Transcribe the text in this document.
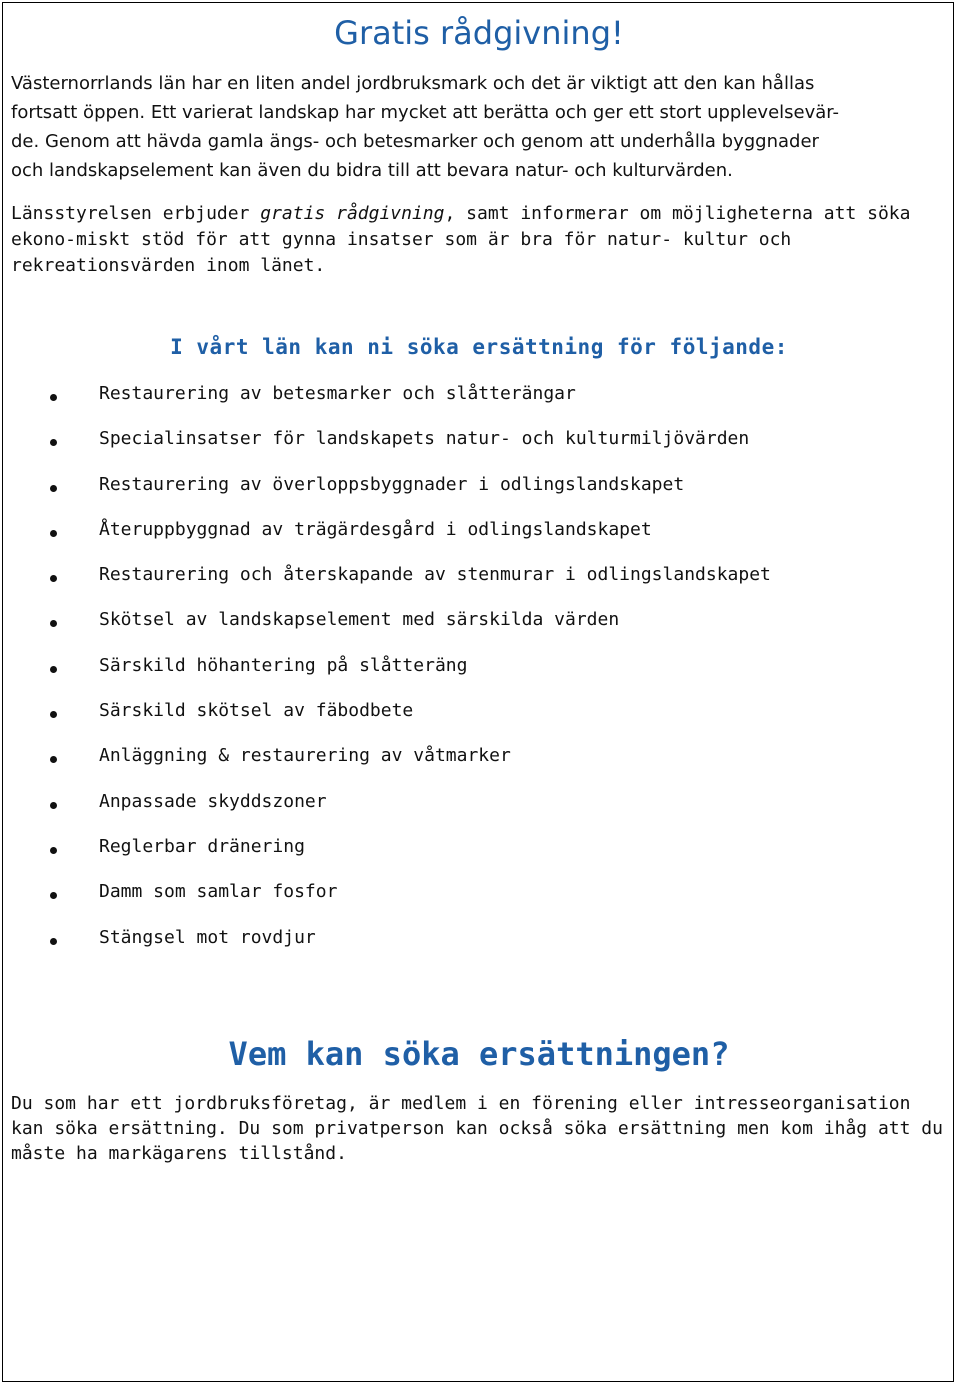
Gratis rådgivning!
Västernorrlands län har en liten andel jordbruksmark och det är viktigt att den kan hållas
fortsatt öppen. Ett varierat landskap har mycket att berätta och ger ett stort upplevelsevär-
de. Genom att hävda gamla ängs- och betesmarker och genom att underhålla byggnader
och landskapselement kan även du bidra till att bevara natur- och kulturvärden.
Länsstyrelsen erbjuder gratis rådgivning, samt informerar om möjligheterna att söka ekono-miskt stöd för att gynna insatser som är bra för natur- kultur och rekreationsvärden inom länet.
I vårt län kan ni söka ersättning för följande:
Restaurering av betesmarker och slåtterängar
Specialinsatser för landskapets natur- och kulturmiljövärden
Restaurering av överloppsbyggnader i odlingslandskapet
Återuppbyggnad av trägärdesgård i odlingslandskapet
Restaurering och återskapande av stenmurar i odlingslandskapet
Skötsel av landskapselement med särskilda värden
Särskild höhantering på slåtteräng
Särskild skötsel av fäbodbete
Anläggning & restaurering av våtmarker
Anpassade skyddszoner
Reglerbar dränering
Damm som samlar fosfor
Stängsel mot rovdjur
Vem kan söka ersättningen?
Du som har ett jordbruksföretag, är medlem i en förening eller intresseorganisation kan söka ersättning. Du som privatperson kan också söka ersättning men kom ihåg att du måste ha markägarens tillstånd.
